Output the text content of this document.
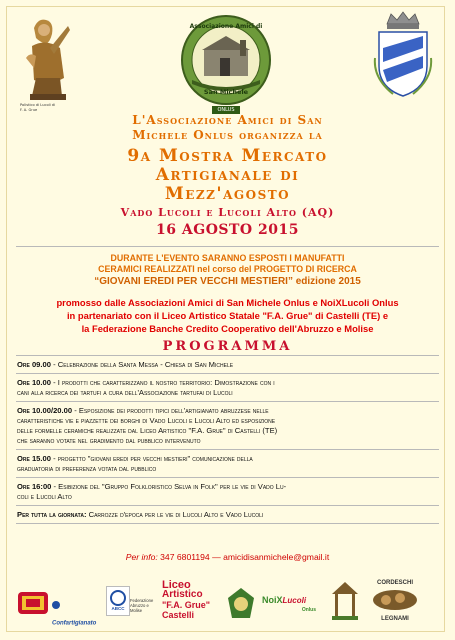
Polistico di Lucoli di
F. A. Grue
Associazione Amici di
San Michele
ONLUS
L'Associazione Amici di San
Michele Onlus organizza la
9a Mostra Mercato
Artigianale di
Mezz'agosto
Vado Lucoli e Lucoli Alto (AQ)
16 AGOSTO 2015
DURANTE L'EVENTO SARANNO ESPOSTI I MANUFATTI
CERAMICI REALIZZATI nel corso del PROGETTO DI RICERCA
“GIOVANI EREDI PER VECCHI MESTIERI” edizione 2015
promosso dalle Associazioni Amici di San Michele Onlus e NoiXLucoli Onlus
in partenariato con il Liceo Artistico Statale "F.A. Grue" di Castelli (TE) e
la Federazione Banche Credito Cooperativo dell'Abruzzo e Molise
PROGRAMMA
Ore 09.00 - Celebrazione della Santa Messa - Chiesa di San Michele
Ore 10.00 - I prodotti che caratterizzano il nostro territorio: Dimostrazione con i
cani alla ricerca dei tartufi a cura dell'Associazione tartufai di Lucoli
Ore 10.00/20.00 - Esposizione dei prodotti tipici dell'artigianato abruzzese nelle
caratteristiche vie e piazzette dei borghi di Vado Lucoli e Lucoli Alto ed esposizione
delle formelle ceramiche realizzate dal Liceo Artistico "F.A. Grue" di Castelli (TE)
che saranno votate nel gradimento dal pubblico intervenuto
Ore 15.00 - progetto "giovani eredi per vecchi mestieri" comunicazione della
graduatoria di preferenza votata dal pubblico
Ore 16:00 - Esibizione del "Gruppo Folkloristico Selva in Folk" per le vie di Vado Lu-
coli e Lucoli Alto
Per tutta la giornata: Carrozze d'epoca per le vie di Lucoli Alto e Vado Lucoli
Per info: 347 6801194 — amicidisanmichele@gmail.it
Confartigianato
ABCC
Federazione Abruzzo e Molise
Liceo
Artistico
"F.A. Grue"
Castelli
NoiXLucoli
Onlus
CORDESCHI
LEGNAMI
